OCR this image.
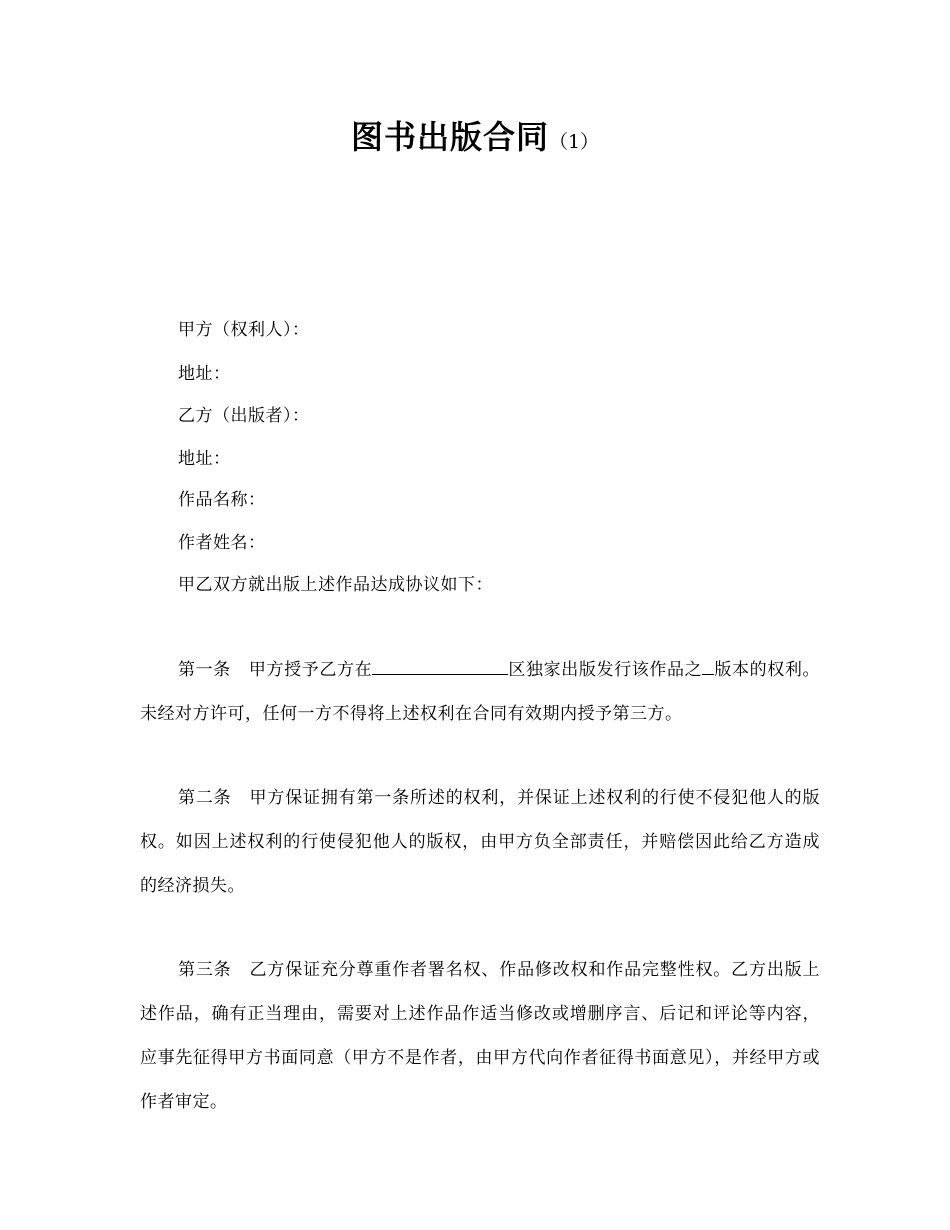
图书出版合同（1）
甲方（权利人）：
地址：
乙方（出版者）：
地址：
作品名称：
作者姓名：
甲乙双方就出版上述作品达成协议如下：
第一条 甲方授予乙方在	区独家出版发行该作品之 版本的权利。未经对方许可，任何一方不得将上述权利在合同有效期内授予第三方。
第二条 甲方保证拥有第一条所述的权利，并保证上述权利的行使不侵犯他人的版权。如因上述权利的行使侵犯他人的版权，由甲方负全部责任，并赔偿因此给乙方造成的经济损失。
第三条 乙方保证充分尊重作者署名权、作品修改权和作品完整性权。乙方出版上述作品，确有正当理由，需要对上述作品作适当修改或增删序言、后记和评论等内容，应事先征得甲方书面同意（甲方不是作者，由甲方代向作者征得书面意见），并经甲方或作者审定。
